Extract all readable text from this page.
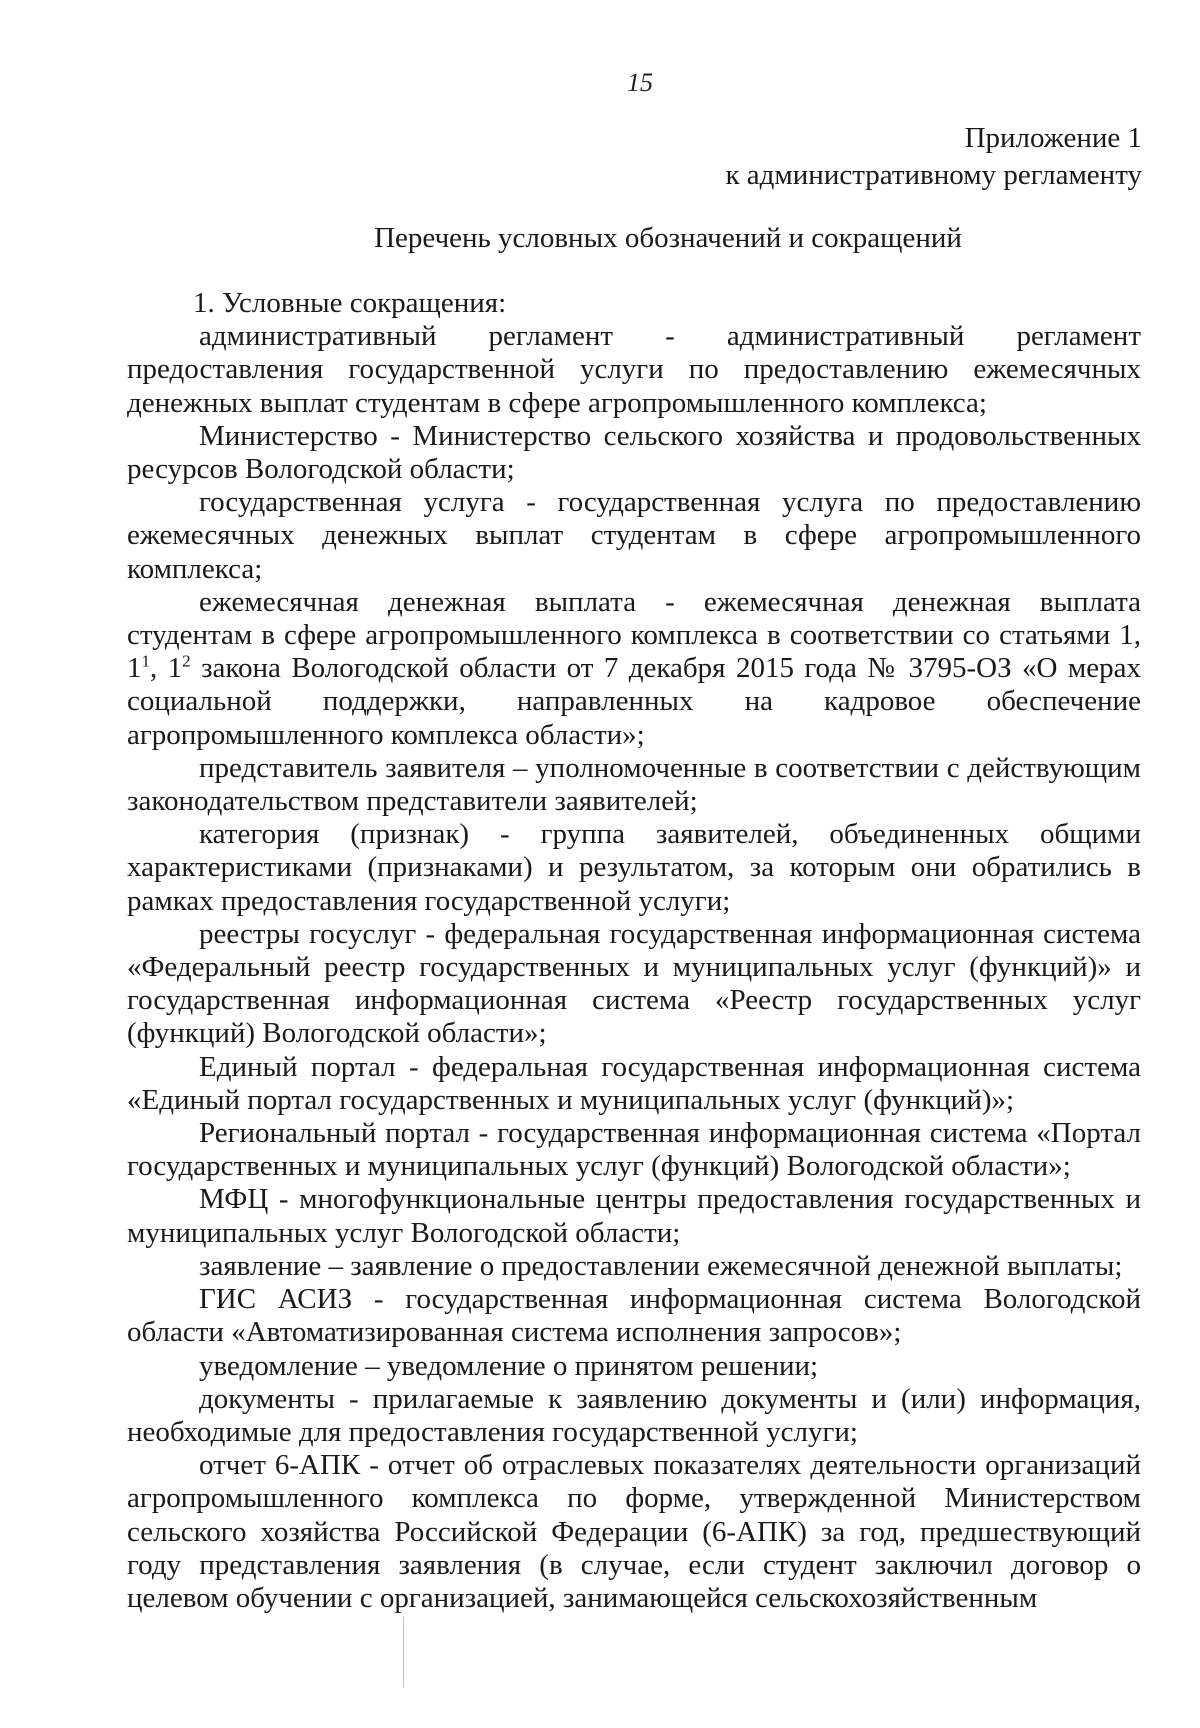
15
Приложение 1
к административному регламенту
Перечень условных обозначений и сокращений

1. Условные сокращения:

административный регламент - административный регламент предоставления государственной услуги по предоставлению ежемесячных денежных выплат студентам в сфере агропромышленного комплекса;

Министерство - Министерство сельского хозяйства и продовольственных ресурсов Вологодской области;

государственная услуга - государственная услуга по предоставлению ежемесячных денежных выплат студентам в сфере агропромышленного комплекса;

ежемесячная денежная выплата - ежемесячная денежная выплата студентам в сфере агропромышленного комплекса в соответствии со статьями 1, $1^1$, $1^2$ закона Вологодской области от 7 декабря 2015 года № 3795-ОЗ «О мерах социальной поддержки, направленных на кадровое обеспечение агропромышленного комплекса области»;

представитель заявителя – уполномоченные в соответствии с действующим законодательством представители заявителей;

категория (признак) - группа заявителей, объединенных общими характеристиками (признаками) и результатом, за которым они обратились в рамках предоставления государственной услуги;

реестры госуслуг - федеральная государственная информационная система «Федеральный реестр государственных и муниципальных услуг (функций)» и государственная информационная система «Реестр государственных услуг (функций) Вологодской области»;

Единый портал - федеральная государственная информационная система «Единый портал государственных и муниципальных услуг (функций)»;

Региональный портал - государственная информационная система «Портал государственных и муниципальных услуг (функций) Вологодской области»;

МФЦ - многофункциональные центры предоставления государственных и муниципальных услуг Вологодской области;

заявление – заявление о предоставлении ежемесячной денежной выплаты;

ГИС АСИЗ - государственная информационная система Вологодской области «Автоматизированная система исполнения запросов»;

уведомление – уведомление о принятом решении;

документы - прилагаемые к заявлению документы и (или) информация, необходимые для предоставления государственной услуги;

отчет 6-АПК - отчет об отраслевых показателях деятельности организаций агропромышленного комплекса по форме, утвержденной Министерством сельского хозяйства Российской Федерации (6-АПК) за год, предшествующий году представления заявления (в случае, если студент заключил договор о целевом обучении с организацией, занимающейся сельскохозяйственным
